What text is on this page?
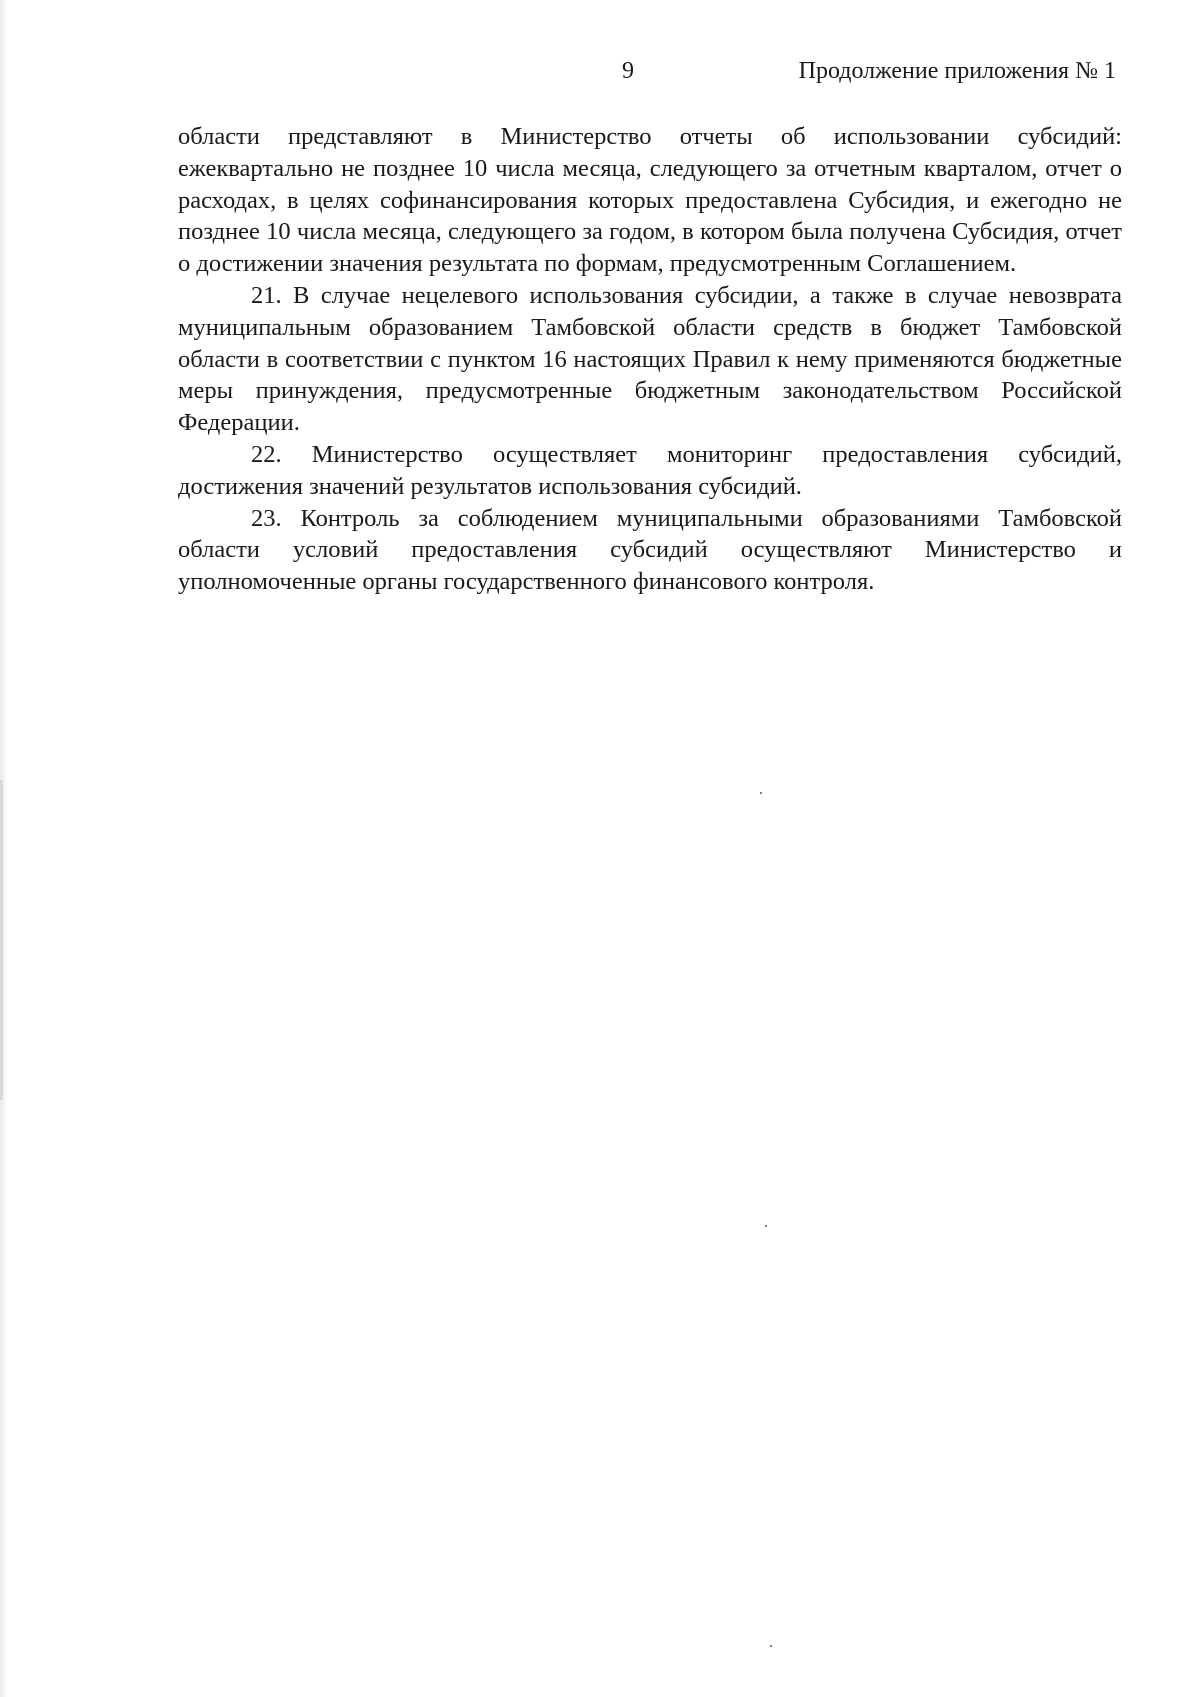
9	Продолжение приложения № 1

области представляют в Министерство отчеты об использовании субсидий: ежеквартально не позднее 10 числа месяца, следующего за отчетным кварталом, отчет о расходах, в целях софинансирования которых предоставлена Субсидия, и ежегодно не позднее 10 числа месяца, следующего за годом, в котором была получена Субсидия, отчет о достижении значения результата по формам, предусмотренным Соглашением.

21. В случае нецелевого использования субсидии, а также в случае невозврата муниципальным образованием Тамбовской области средств в бюджет Тамбовской области в соответствии с пунктом 16 настоящих Правил к нему применяются бюджетные меры принуждения, предусмотренные бюджетным законодательством Российской Федерации.

22. Министерство осуществляет мониторинг предоставления субсидий, достижения значений результатов использования субсидий.

23. Контроль за соблюдением муниципальными образованиями Тамбовской области условий предоставления субсидий осуществляют Министерство и уполномоченные органы государственного финансового контроля.
